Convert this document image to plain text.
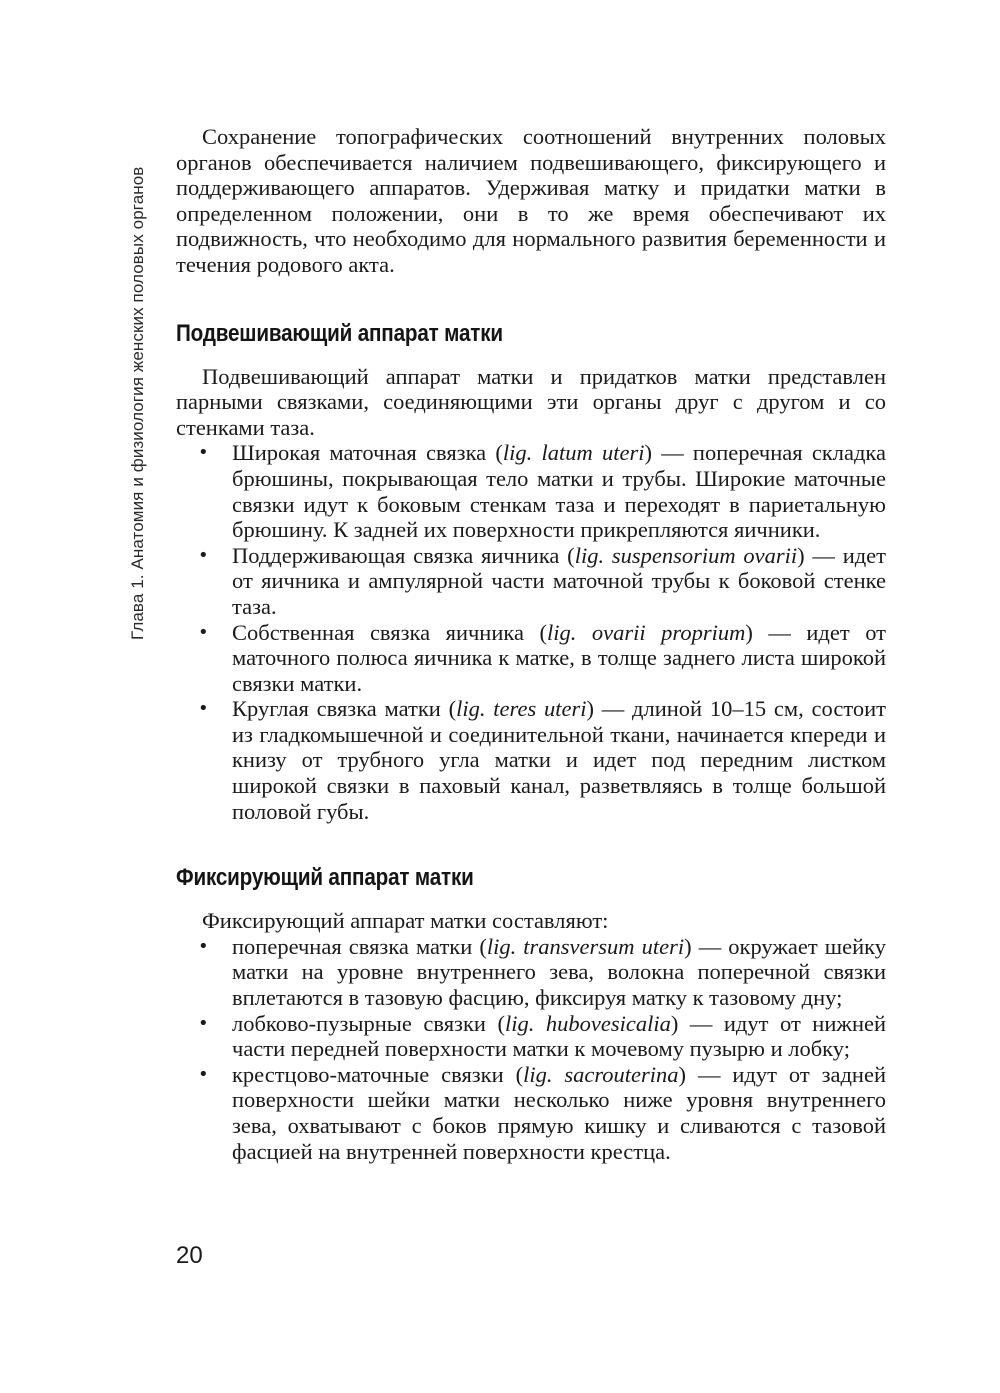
Глава 1. Анатомия и физиология женских половых органов

Сохранение топографических соотношений внутренних половых органов обеспечивается наличием подвешивающего, фиксирующего и поддерживающего аппаратов. Удерживая матку и придатки матки в определенном положении, они в то же время обеспечивают их подвижность, что необходимо для нормального развития беременности и течения родового акта.

Подвешивающий аппарат матки

Подвешивающий аппарат матки и придатков матки представлен парными связками, соединяющими эти органы друг с другом и со стенками таза.

• Широкая маточная связка (lig. latum uteri) — поперечная складка брюшины, покрывающая тело матки и трубы. Широкие маточные связки идут к боковым стенкам таза и переходят в париетальную брюшину. К задней их поверхности прикрепляются яичники.
• Поддерживающая связка яичника (lig. suspensorium ovarii) — идет от яичника и ампулярной части маточной трубы к боковой стенке таза.
• Собственная связка яичника (lig. ovarii proprium) — идет от маточного полюса яичника к матке, в толще заднего листа широкой связки матки.
• Круглая связка матки (lig. teres uteri) — длиной 10–15 см, состоит из гладкомышечной и соединительной ткани, начинается кпереди и книзу от трубного угла матки и идет под передним листком широкой связки в паховый канал, разветвляясь в толще большой половой губы.
Фиксирующий аппарат матки

Фиксирующий аппарат матки составляют:

• поперечная связка матки (lig. transversum uteri) — окружает шейку матки на уровне внутреннего зева, волокна поперечной связки вплетаются в тазовую фасцию, фиксируя матку к тазовому дну;
• лобково-пузырные связки (lig. hubovesicalia) — идут от нижней части передней поверхности матки к мочевому пузырю и лобку;
• крестцово-маточные связки (lig. sacrouterina) — идут от задней поверхности шейки матки несколько ниже уровня внутреннего зева, охватывают с боков прямую кишку и сливаются с тазовой фасцией на внутренней поверхности крестца.
20
